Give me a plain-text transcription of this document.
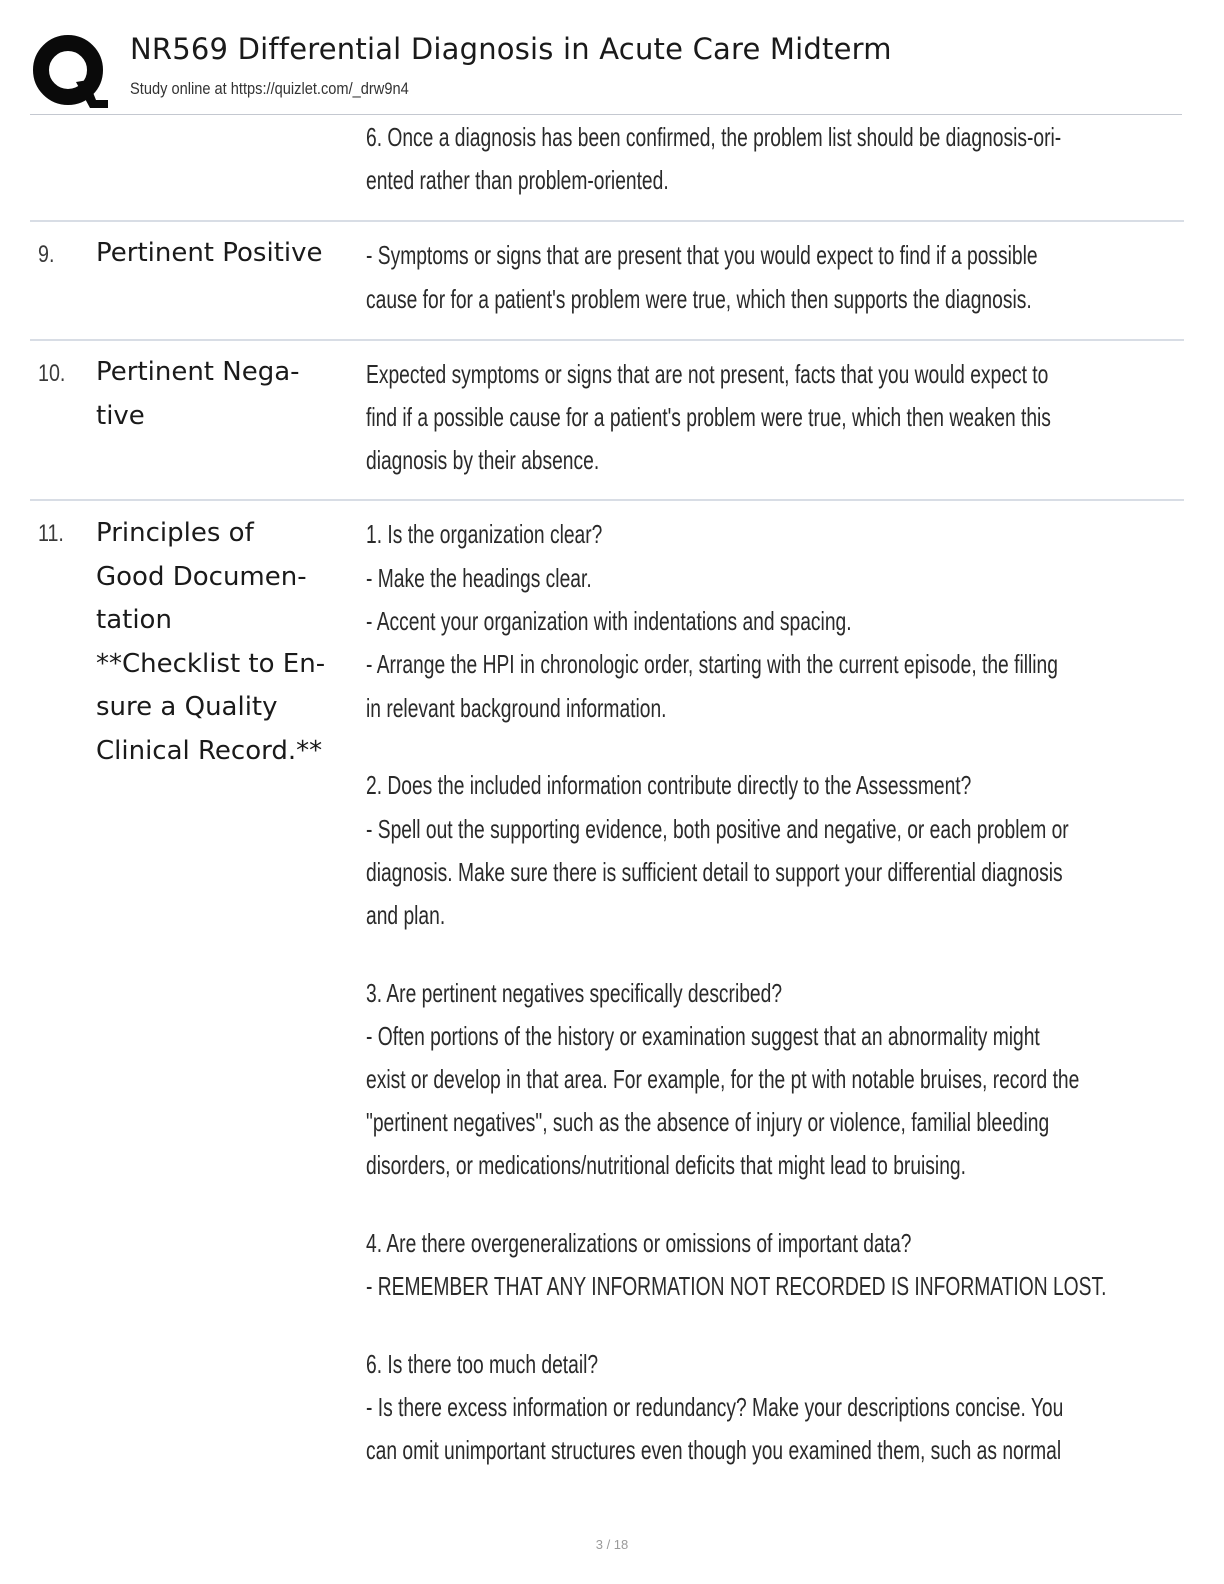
NR569 Differential Diagnosis in Acute Care Midterm
Study online at https://quizlet.com/_drw9n4
6. Once a diagnosis has been confirmed, the problem list should be diagnosis-ori-
ented rather than problem-oriented.
9. Pertinent Positive	- Symptoms or signs that are present that you would expect to find if a possible
cause for for a patient's problem were true, which then supports the diagnosis.
10. Pertinent Nega-
tive
Expected symptoms or signs that are not present, facts that you would expect to
find if a possible cause for a patient's problem were true, which then weaken this
diagnosis by their absence.
11. Principles of
Good Documen-
tation
**Checklist to En-
sure a Quality
Clinical Record.**
1. Is the organization clear?
- Make the headings clear.
- Accent your organization with indentations and spacing.
- Arrange the HPI in chronologic order, starting with the current episode, the filling
in relevant background information.
2. Does the included information contribute directly to the Assessment?
- Spell out the supporting evidence, both positive and negative, or each problem or
diagnosis. Make sure there is sufficient detail to support your differential diagnosis
and plan.
3. Are pertinent negatives specifically described?
- Often portions of the history or examination suggest that an abnormality might
exist or develop in that area. For example, for the pt with notable bruises, record the
"pertinent negatives", such as the absence of injury or violence, familial bleeding
disorders, or medications/nutritional deficits that might lead to bruising.
4. Are there overgeneralizations or omissions of important data?
- REMEMBER THAT ANY INFORMATION NOT RECORDED IS INFORMATION LOST.
6. Is there too much detail?
- Is there excess information or redundancy? Make your descriptions concise. You
can omit unimportant structures even though you examined them, such as normal
3 / 18
